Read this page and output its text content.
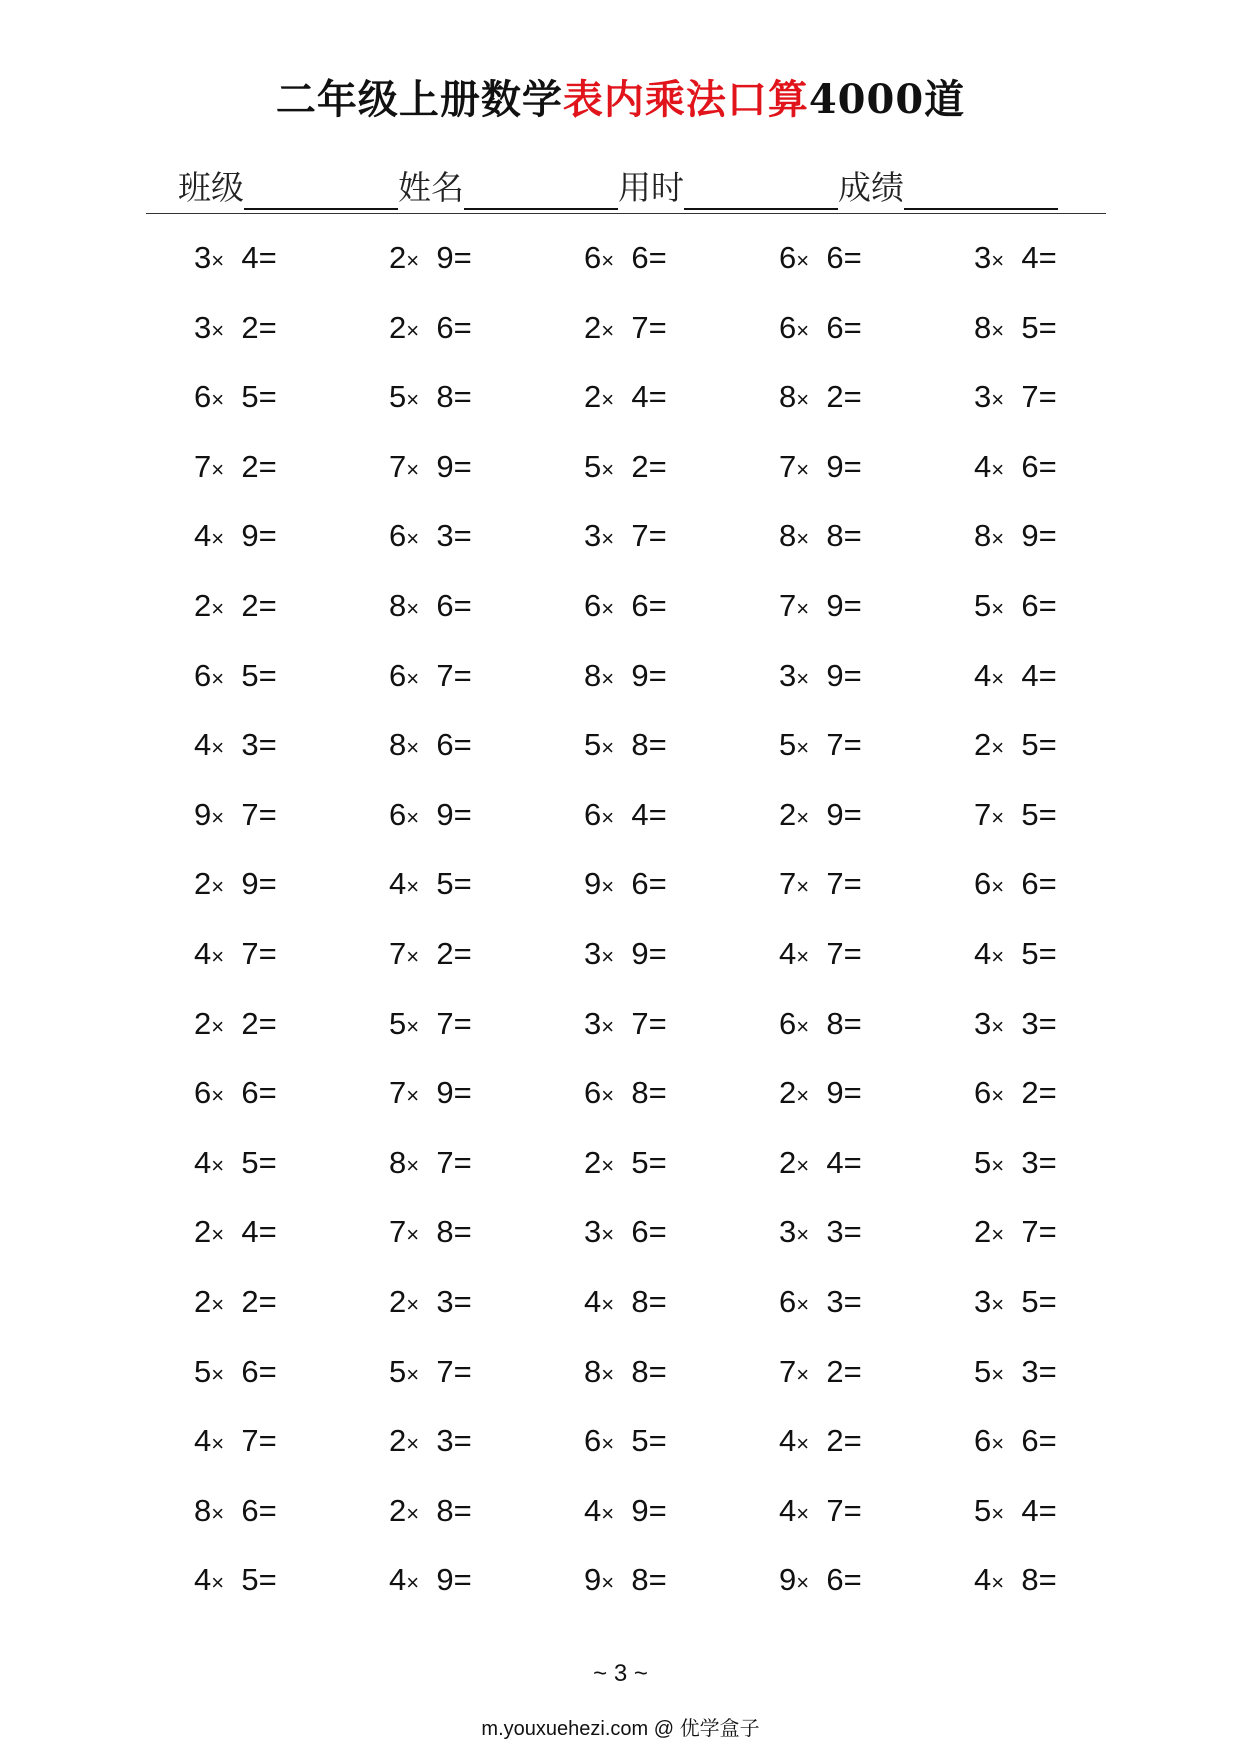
二年级上册数学表内乘法口算4000道
班级	姓名	用时	成绩
3× 4=	2× 9=	6× 6=	6× 6=	3× 4=
3× 2=	2× 6=	2× 7=	6× 6=	8× 5=
6× 5=	5× 8=	2× 4=	8× 2=	3× 7=
7× 2=	7× 9=	5× 2=	7× 9=	4× 6=
4× 9=	6× 3=	3× 7=	8× 8=	8× 9=
2× 2=	8× 6=	6× 6=	7× 9=	5× 6=
6× 5=	6× 7=	8× 9=	3× 9=	4× 4=
4× 3=	8× 6=	5× 8=	5× 7=	2× 5=
9× 7=	6× 9=	6× 4=	2× 9=	7× 5=
2× 9=	4× 5=	9× 6=	7× 7=	6× 6=
4× 7=	7× 2=	3× 9=	4× 7=	4× 5=
2× 2=	5× 7=	3× 7=	6× 8=	3× 3=
6× 6=	7× 9=	6× 8=	2× 9=	6× 2=
4× 5=	8× 7=	2× 5=	2× 4=	5× 3=
2× 4=	7× 8=	3× 6=	3× 3=	2× 7=
2× 2=	2× 3=	4× 8=	6× 3=	3× 5=
5× 6=	5× 7=	8× 8=	7× 2=	5× 3=
4× 7=	2× 3=	6× 5=	4× 2=	6× 6=
8× 6=	2× 8=	4× 9=	4× 7=	5× 4=
4× 5=	4× 9=	9× 8=	9× 6=	4× 8=
~ 3 ~
m.youxuehezi.com @ 优学盒子
